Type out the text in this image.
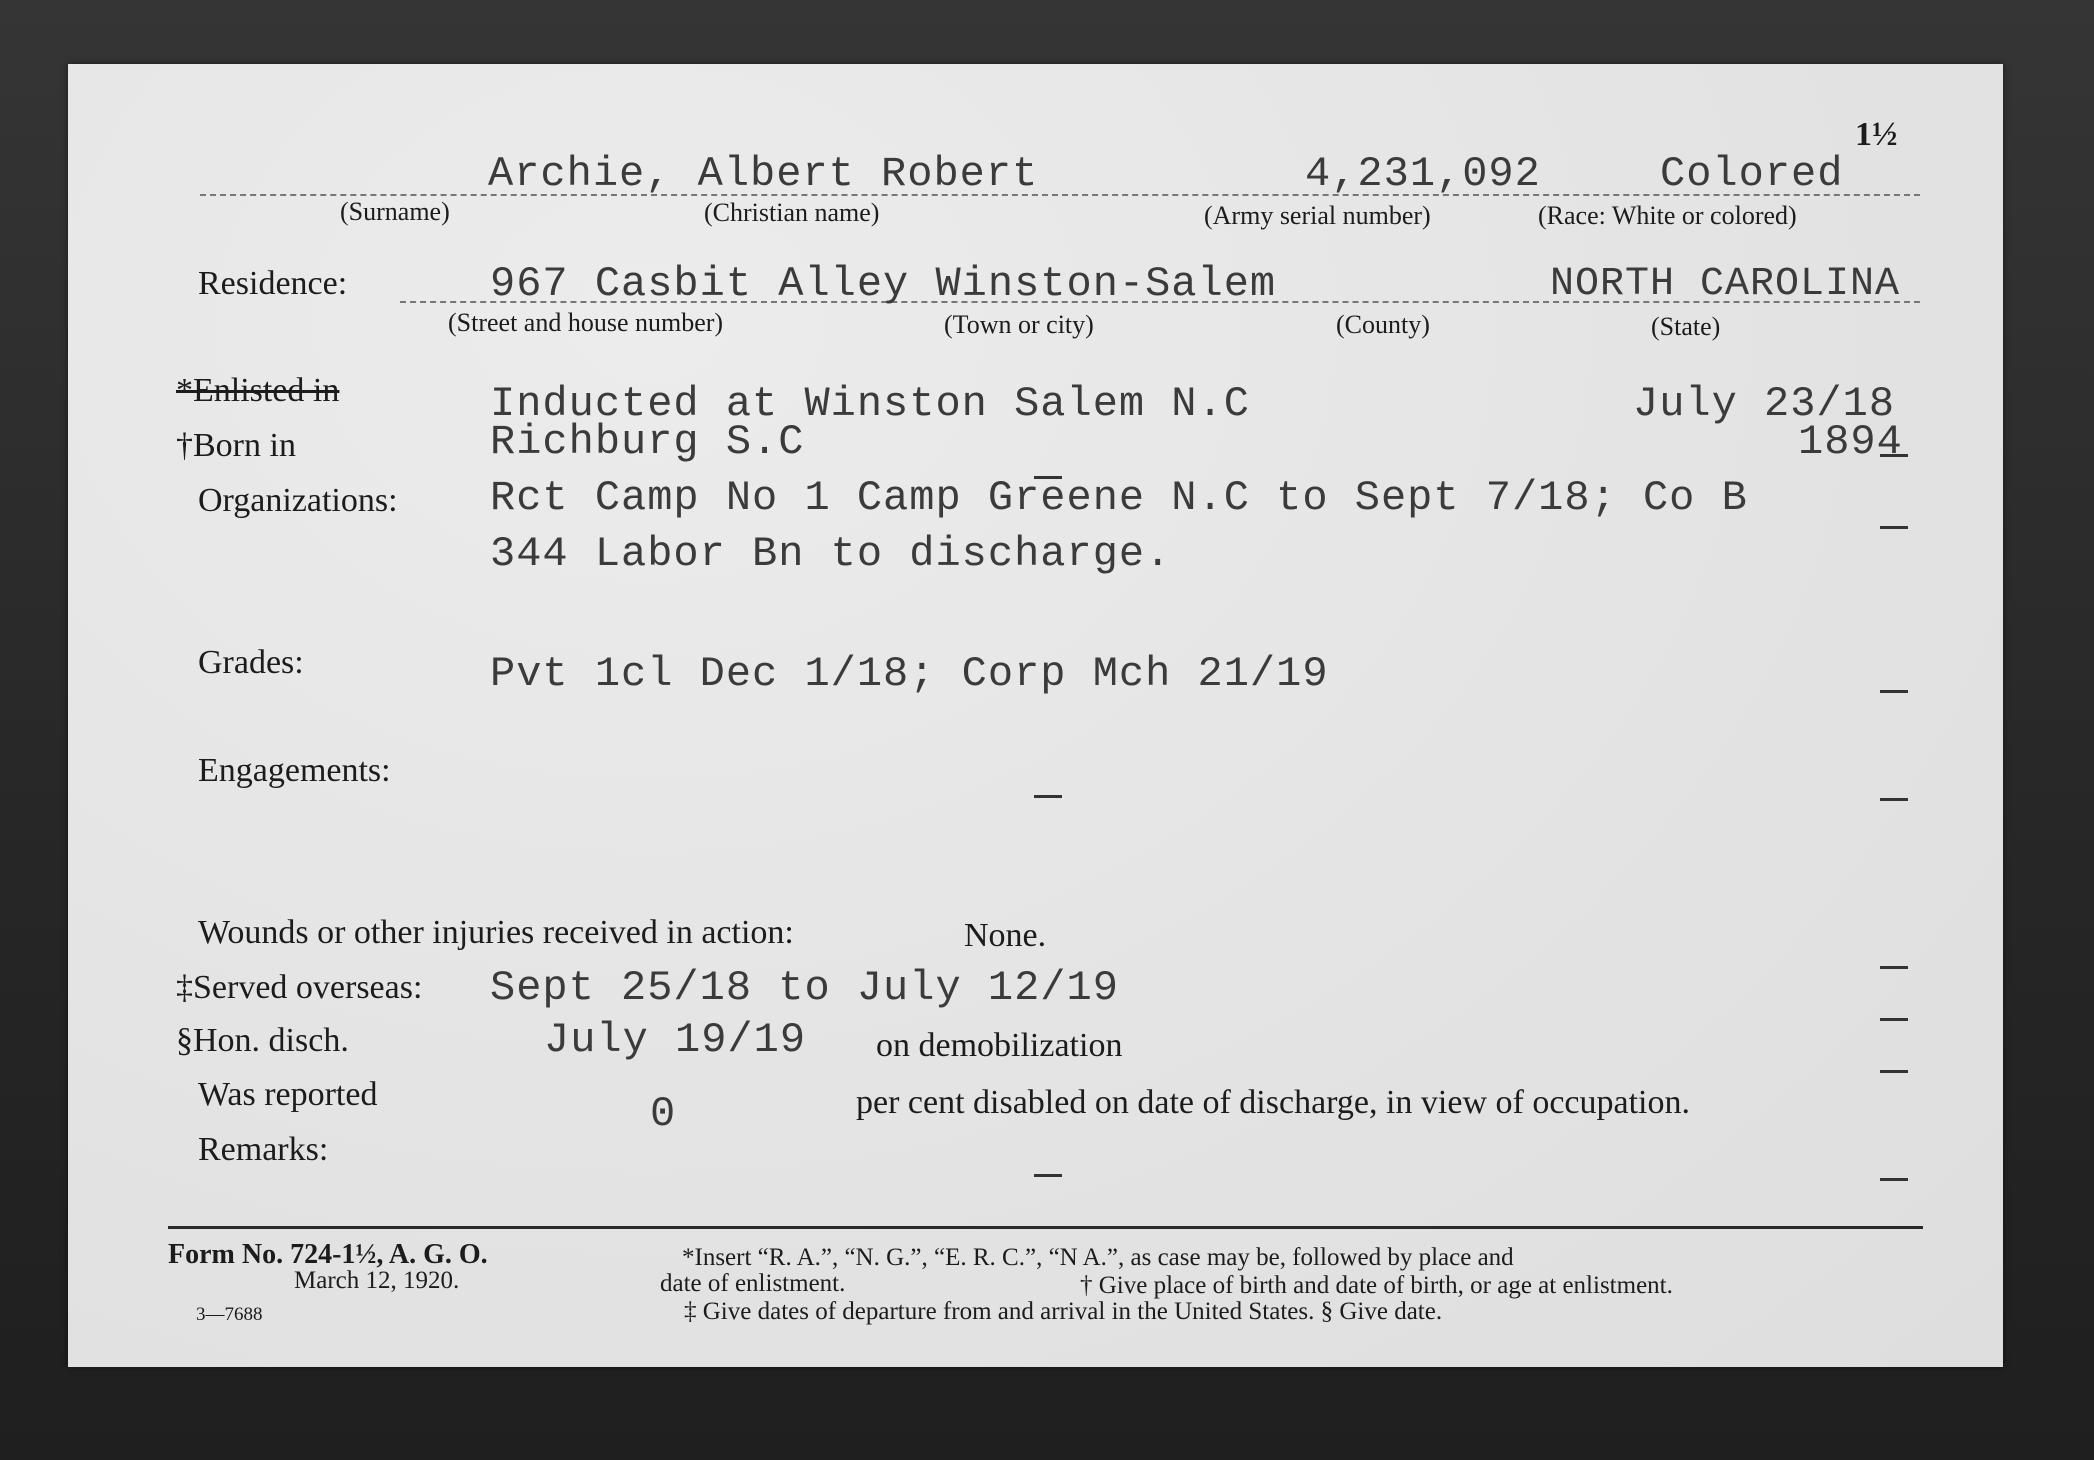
1½
Archie, Albert Robert	4,231,092	Colored
(Surname)	(Christian name)	(Army serial number)	(Race: White or colored)
Residence:	967 Casbit Alley Winston-Salem	NORTH CAROLINA
(Street and house number)	(Town or city)	(County)	(State)
*Enlisted in	Inducted at Winston Salem N.C	July 23/18
†Born in	Richburg S.C	1894
Organizations: Rct Camp No 1 Camp Greene N.C to Sept 7/18; Co B
344 Labor Bn to discharge.
Grades:	Pvt 1cl Dec 1/18; Corp Mch 21/19
Engagements:
Wounds or other injuries received in action:	None.
‡Served overseas: Sept 25/18 to July 12/19
§Hon. disch.	July 19/19 on demobilization
Was reported	0	per cent disabled on date of discharge, in view of occupation.
Remarks:
Form No. 724-1½, A. G. O.
March 12, 1920.
3—7688
*Insert “R. A.”, “N. G.”, “E. R. C.”, “N A.”, as case may be, followed by place and
date of enlistment.	† Give place of birth and date of birth, or age at enlistment.
‡ Give dates of departure from and arrival in the United States. § Give date.
